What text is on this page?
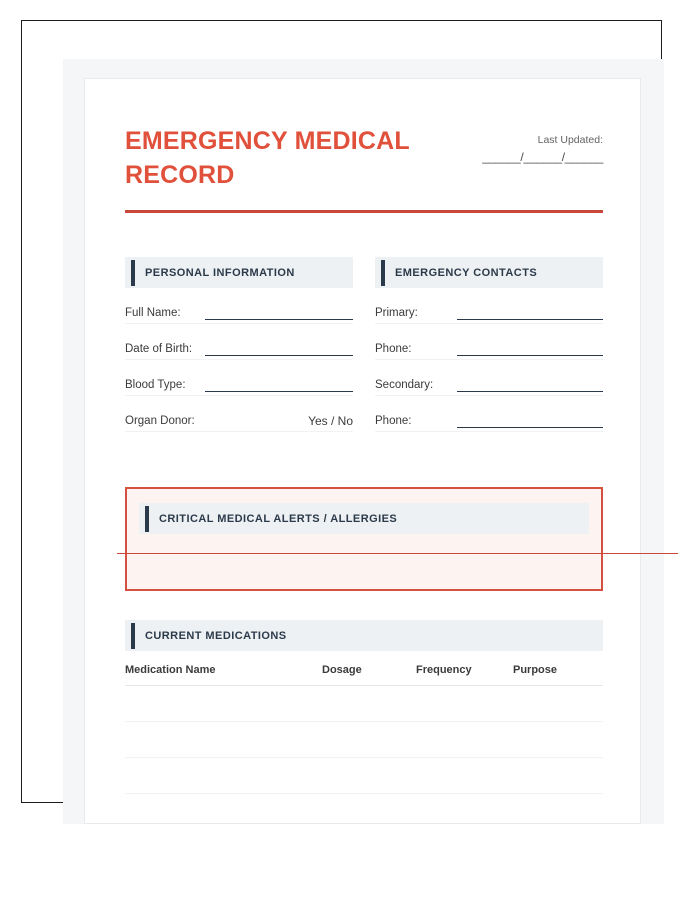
EMERGENCY MEDICAL RECORD
Last Updated:
______/______/______
PERSONAL INFORMATION
Full Name:
Date of Birth:
Blood Type:
Organ Donor:	Yes / No
EMERGENCY CONTACTS
Primary:
Phone:
Secondary:
Phone:
CRITICAL MEDICAL ALERTS / ALLERGIES
CURRENT MEDICATIONS
Medication Name	Dosage	Frequency	Purpose
